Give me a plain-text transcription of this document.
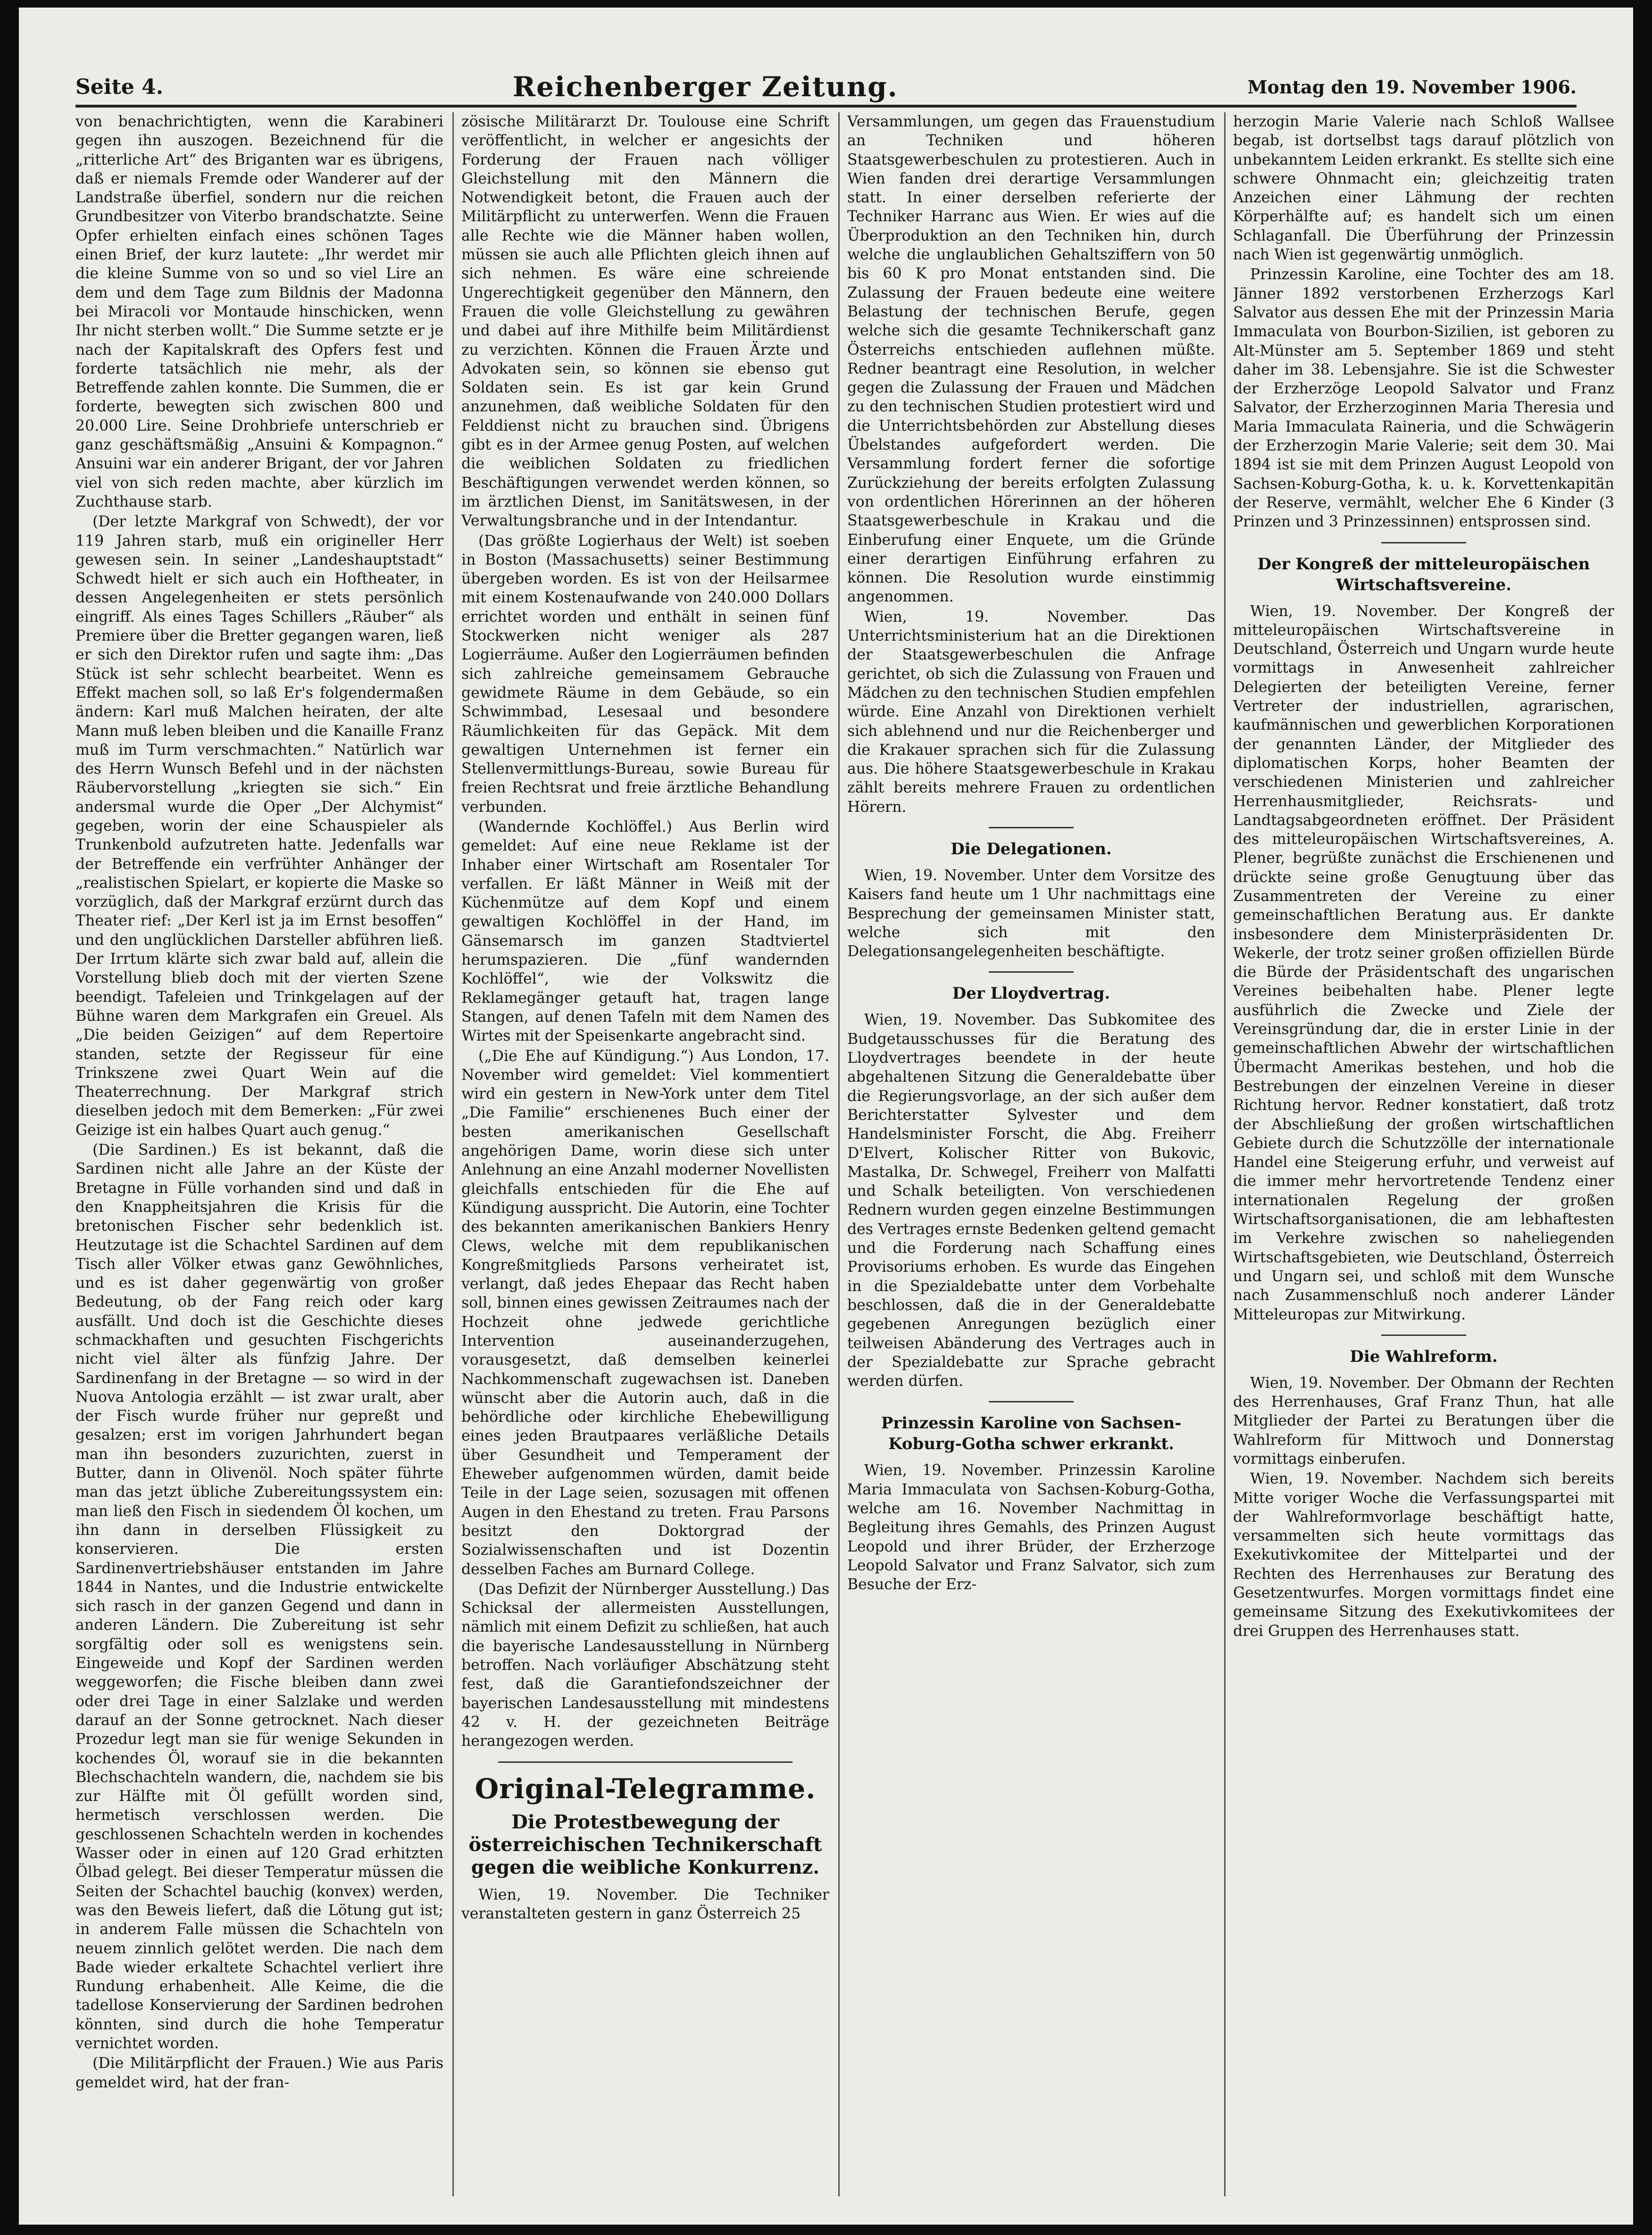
Seite 4.	Reichenberger Zeitung.	Montag den 19. November 1906.

von benachrichtigten, wenn die Karabineri gegen ihn auszogen. Bezeichnend für die „ritterliche Art“ des Briganten war es übrigens, daß er niemals Fremde oder Wanderer auf der Landstraße überfiel, sondern nur die reichen Grundbesitzer von Viterbo brandschatzte. Seine Opfer erhielten einfach eines schönen Tages einen Brief, der kurz lautete: „Ihr werdet mir die kleine Summe von so und so viel Lire an dem und dem Tage zum Bildnis der Madonna bei Miracoli vor Montaude hinschicken, wenn Ihr nicht sterben wollt.“ Die Summe setzte er je nach der Kapitalskraft des Opfers fest und forderte tatsächlich nie mehr, als der Betreffende zahlen konnte. Die Summen, die er forderte, bewegten sich zwischen 800 und 20.000 Lire. Seine Drohbriefe unterschrieb er ganz geschäftsmäßig „Ansuini & Kompagnon.“ Ansuini war ein anderer Brigant, der vor Jahren viel von sich reden machte, aber kürzlich im Zuchthause starb.

(Der letzte Markgraf von Schwedt), der vor 119 Jahren starb, muß ein origineller Herr gewesen sein. In seiner „Landeshauptstadt“ Schwedt hielt er sich auch ein Hoftheater, in dessen Angelegenheiten er stets persönlich eingriff. Als eines Tages Schillers „Räuber“ als Premiere über die Bretter gegangen waren, ließ er sich den Direktor rufen und sagte ihm: „Das Stück ist sehr schlecht bearbeitet. Wenn es Effekt machen soll, so laß Er's folgendermaßen ändern: Karl muß Malchen heiraten, der alte Mann muß leben bleiben und die Kanaille Franz muß im Turm verschmachten.“ Natürlich war des Herrn Wunsch Befehl und in der nächsten Räubervorstellung „kriegten sie sich.“ Ein andersmal wurde die Oper „Der Alchymist“ gegeben, worin der eine Schauspieler als Trunkenbold aufzutreten hatte. Jedenfalls war der Betreffende ein verfrühter Anhänger der „realistischen Spielart, er kopierte die Maske so vorzüglich, daß der Markgraf erzürnt durch das Theater rief: „Der Kerl ist ja im Ernst besoffen“ und den unglücklichen Darsteller abführen ließ. Der Irrtum klärte sich zwar bald auf, allein die Vorstellung blieb doch mit der vierten Szene beendigt. Tafeleien und Trinkgelagen auf der Bühne waren dem Markgrafen ein Greuel. Als „Die beiden Geizigen“ auf dem Repertoire standen, setzte der Regisseur für eine Trinkszene zwei Quart Wein auf die Theaterrechnung. Der Markgraf strich dieselben jedoch mit dem Bemerken: „Für zwei Geizige ist ein halbes Quart auch genug.“

(Die Sardinen.) Es ist bekannt, daß die Sardinen nicht alle Jahre an der Küste der Bretagne in Fülle vorhanden sind und daß in den Knappheitsjahren die Krisis für die bretonischen Fischer sehr bedenklich ist. Heutzutage ist die Schachtel Sardinen auf dem Tisch aller Völker etwas ganz Gewöhnliches, und es ist daher gegenwärtig von großer Bedeutung, ob der Fang reich oder karg ausfällt. Und doch ist die Geschichte dieses schmackhaften und gesuchten Fischgerichts nicht viel älter als fünfzig Jahre. Der Sardinenfang in der Bretagne — so wird in der Nuova Antologia erzählt — ist zwar uralt, aber der Fisch wurde früher nur gepreßt und gesalzen; erst im vorigen Jahrhundert began man ihn besonders zuzurichten, zuerst in Butter, dann in Olivenöl. Noch später führte man das jetzt übliche Zubereitungssystem ein: man ließ den Fisch in siedendem Öl kochen, um ihn dann in derselben Flüssigkeit zu konservieren. Die ersten Sardinenvertriebshäuser entstanden im Jahre 1844 in Nantes, und die Industrie entwickelte sich rasch in der ganzen Gegend und dann in anderen Ländern. Die Zubereitung ist sehr sorgfältig oder soll es wenigstens sein. Eingeweide und Kopf der Sardinen werden weggeworfen; die Fische bleiben dann zwei oder drei Tage in einer Salzlake und werden darauf an der Sonne getrocknet. Nach dieser Prozedur legt man sie für wenige Sekunden in kochendes Öl, worauf sie in die bekannten Blechschachteln wandern, die, nachdem sie bis zur Hälfte mit Öl gefüllt worden sind, hermetisch verschlossen werden. Die geschlossenen Schachteln werden in kochendes Wasser oder in einen auf 120 Grad erhitzten Ölbad gelegt. Bei dieser Temperatur müssen die Seiten der Schachtel bauchig (konvex) werden, was den Beweis liefert, daß die Lötung gut ist; in anderem Falle müssen die Schachteln von neuem zinnlich gelötet werden. Die nach dem Bade wieder erkaltete Schachtel verliert ihre Rundung erhabenheit. Alle Keime, die die tadellose Konservierung der Sardinen bedrohen könnten, sind durch die hohe Temperatur vernichtet worden.

(Die Militärpflicht der Frauen.) Wie aus Paris gemeldet wird, hat der fran-

zösische Militärarzt Dr. Toulouse eine Schrift veröffentlicht, in welcher er angesichts der Forderung der Frauen nach völliger Gleichstellung mit den Männern die Notwendigkeit betont, die Frauen auch der Militärpflicht zu unterwerfen. Wenn die Frauen alle Rechte wie die Männer haben wollen, müssen sie auch alle Pflichten gleich ihnen auf sich nehmen. Es wäre eine schreiende Ungerechtigkeit gegenüber den Männern, den Frauen die volle Gleichstellung zu gewähren und dabei auf ihre Mithilfe beim Militärdienst zu verzichten. Können die Frauen Ärzte und Advokaten sein, so können sie ebenso gut Soldaten sein. Es ist gar kein Grund anzunehmen, daß weibliche Soldaten für den Felddienst nicht zu brauchen sind. Übrigens gibt es in der Armee genug Posten, auf welchen die weiblichen Soldaten zu friedlichen Beschäftigungen verwendet werden können, so im ärztlichen Dienst, im Sanitätswesen, in der Verwaltungsbranche und in der Intendantur.

(Das größte Logierhaus der Welt) ist soeben in Boston (Massachusetts) seiner Bestimmung übergeben worden. Es ist von der Heilsarmee mit einem Kostenaufwande von 240.000 Dollars errichtet worden und enthält in seinen fünf Stockwerken nicht weniger als 287 Logierräume. Außer den Logierräumen befinden sich zahlreiche gemeinsamem Gebrauche gewidmete Räume in dem Gebäude, so ein Schwimmbad, Lesesaal und besondere Räumlichkeiten für das Gepäck. Mit dem gewaltigen Unternehmen ist ferner ein Stellenvermittlungs-Bureau, sowie Bureau für freien Rechtsrat und freie ärztliche Behandlung verbunden.

(Wandernde Kochlöffel.) Aus Berlin wird gemeldet: Auf eine neue Reklame ist der Inhaber einer Wirtschaft am Rosentaler Tor verfallen. Er läßt Männer in Weiß mit der Küchenmütze auf dem Kopf und einem gewaltigen Kochlöffel in der Hand, im Gänsemarsch im ganzen Stadtviertel herumspazieren. Die „fünf wandernden Kochlöffel“, wie der Volkswitz die Reklamegänger getauft hat, tragen lange Stangen, auf denen Tafeln mit dem Namen des Wirtes mit der Speisenkarte angebracht sind.

(„Die Ehe auf Kündigung.“) Aus London, 17. November wird gemeldet: Viel kommentiert wird ein gestern in New-York unter dem Titel „Die Familie“ erschienenes Buch einer der besten amerikanischen Gesellschaft angehörigen Dame, worin diese sich unter Anlehnung an eine Anzahl moderner Novellisten gleichfalls entschieden für die Ehe auf Kündigung ausspricht. Die Autorin, eine Tochter des bekannten amerikanischen Bankiers Henry Clews, welche mit dem republikanischen Kongreßmitglieds Parsons verheiratet ist, verlangt, daß jedes Ehepaar das Recht haben soll, binnen eines gewissen Zeitraumes nach der Hochzeit ohne jedwede gerichtliche Intervention auseinanderzugehen, vorausgesetzt, daß demselben keinerlei Nachkommenschaft zugewachsen ist. Daneben wünscht aber die Autorin auch, daß in die behördliche oder kirchliche Ehebewilligung eines jeden Brautpaares verläßliche Details über Gesundheit und Temperament der Eheweber aufgenommen würden, damit beide Teile in der Lage seien, sozusagen mit offenen Augen in den Ehestand zu treten. Frau Parsons besitzt den Doktorgrad der Sozialwissenschaften und ist Dozentin desselben Faches am Burnard College.

(Das Defizit der Nürnberger Ausstellung.) Das Schicksal der allermeisten Ausstellungen, nämlich mit einem Defizit zu schließen, hat auch die bayerische Landesausstellung in Nürnberg betroffen. Nach vorläufiger Abschätzung steht fest, daß die Garantiefondszeichner der bayerischen Landesausstellung mit mindestens 42 v. H. der gezeichneten Beiträge herangezogen werden.

Original-Telegramme.
Die Protestbewegung der österreichischen Technikerschaft gegen die weibliche Konkurrenz.

Wien, 19. November. Die Techniker veranstalteten gestern in ganz Österreich 25

Versammlungen, um gegen das Frauenstudium an Techniken und höheren Staatsgewerbeschulen zu protestieren. Auch in Wien fanden drei derartige Versammlungen statt. In einer derselben referierte der Techniker Harranc aus Wien. Er wies auf die Überproduktion an den Techniken hin, durch welche die unglaublichen Gehaltsziffern von 50 bis 60 K pro Monat entstanden sind. Die Zulassung der Frauen bedeute eine weitere Belastung der technischen Berufe, gegen welche sich die gesamte Technikerschaft ganz Österreichs entschieden auflehnen müßte. Redner beantragt eine Resolution, in welcher gegen die Zulassung der Frauen und Mädchen zu den technischen Studien protestiert wird und die Unterrichtsbehörden zur Abstellung dieses Übelstandes aufgefordert werden. Die Versammlung fordert ferner die sofortige Zurückziehung der bereits erfolgten Zulassung von ordentlichen Hörerinnen an der höheren Staatsgewerbeschule in Krakau und die Einberufung einer Enquete, um die Gründe einer derartigen Einführung erfahren zu können. Die Resolution wurde einstimmig angenommen.

Wien, 19. November. Das Unterrichtsministerium hat an die Direktionen der Staatsgewerbeschulen die Anfrage gerichtet, ob sich die Zulassung von Frauen und Mädchen zu den technischen Studien empfehlen würde. Eine Anzahl von Direktionen verhielt sich ablehnend und nur die Reichenberger und die Krakauer sprachen sich für die Zulassung aus. Die höhere Staatsgewerbeschule in Krakau zählt bereits mehrere Frauen zu ordentlichen Hörern.

Die Delegationen.

Wien, 19. November. Unter dem Vorsitze des Kaisers fand heute um 1 Uhr nachmittags eine Besprechung der gemeinsamen Minister statt, welche sich mit den Delegationsangelegenheiten beschäftigte.

Der Lloydvertrag.

Wien, 19. November. Das Subkomitee des Budgetausschusses für die Beratung des Lloydvertrages beendete in der heute abgehaltenen Sitzung die Generaldebatte über die Regierungsvorlage, an der sich außer dem Berichterstatter Sylvester und dem Handelsminister Forscht, die Abg. Freiherr D'Elvert, Kolischer Ritter von Bukovic, Mastalka, Dr. Schwegel, Freiherr von Malfatti und Schalk beteiligten. Von verschiedenen Rednern wurden gegen einzelne Bestimmungen des Vertrages ernste Bedenken geltend gemacht und die Forderung nach Schaffung eines Provisoriums erhoben. Es wurde das Eingehen in die Spezialdebatte unter dem Vorbehalte beschlossen, daß die in der Generaldebatte gegebenen Anregungen bezüglich einer teilweisen Abänderung des Vertrages auch in der Spezialdebatte zur Sprache gebracht werden dürfen.

Prinzessin Karoline von Sachsen-Koburg-Gotha schwer erkrankt.

Wien, 19. November. Prinzessin Karoline Maria Immaculata von Sachsen-Koburg-Gotha, welche am 16. November Nachmittag in Begleitung ihres Gemahls, des Prinzen August Leopold und ihrer Brüder, der Erzherzoge Leopold Salvator und Franz Salvator, sich zum Besuche der Erz-

herzogin Marie Valerie nach Schloß Wallsee begab, ist dortselbst tags darauf plötzlich von unbekanntem Leiden erkrankt. Es stellte sich eine schwere Ohnmacht ein; gleichzeitig traten Anzeichen einer Lähmung der rechten Körperhälfte auf; es handelt sich um einen Schlaganfall. Die Überführung der Prinzessin nach Wien ist gegenwärtig unmöglich.

Prinzessin Karoline, eine Tochter des am 18. Jänner 1892 verstorbenen Erzherzogs Karl Salvator aus dessen Ehe mit der Prinzessin Maria Immaculata von Bourbon-Sizilien, ist geboren zu Alt-Münster am 5. September 1869 und steht daher im 38. Lebensjahre. Sie ist die Schwester der Erzherzöge Leopold Salvator und Franz Salvator, der Erzherzoginnen Maria Theresia und Maria Immaculata Raineria, und die Schwägerin der Erzherzogin Marie Valerie; seit dem 30. Mai 1894 ist sie mit dem Prinzen August Leopold von Sachsen-Koburg-Gotha, k. u. k. Korvettenkapitän der Reserve, vermählt, welcher Ehe 6 Kinder (3 Prinzen und 3 Prinzessinnen) entsprossen sind.

Der Kongreß der mitteleuropäischen Wirtschaftsvereine.

Wien, 19. November. Der Kongreß der mitteleuropäischen Wirtschaftsvereine in Deutschland, Österreich und Ungarn wurde heute vormittags in Anwesenheit zahlreicher Delegierten der beteiligten Vereine, ferner Vertreter der industriellen, agrarischen, kaufmännischen und gewerblichen Korporationen der genannten Länder, der Mitglieder des diplomatischen Korps, hoher Beamten der verschiedenen Ministerien und zahlreicher Herrenhausmitglieder, Reichsrats- und Landtagsabgeordneten eröffnet. Der Präsident des mitteleuropäischen Wirtschaftsvereines, A. Plener, begrüßte zunächst die Erschienenen und drückte seine große Genugtuung über das Zusammentreten der Vereine zu einer gemeinschaftlichen Beratung aus. Er dankte insbesondere dem Ministerpräsidenten Dr. Wekerle, der trotz seiner großen offiziellen Bürde die Bürde der Präsidentschaft des ungarischen Vereines beibehalten habe. Plener legte ausführlich die Zwecke und Ziele der Vereinsgründung dar, die in erster Linie in der gemeinschaftlichen Abwehr der wirtschaftlichen Übermacht Amerikas bestehen, und hob die Bestrebungen der einzelnen Vereine in dieser Richtung hervor. Redner konstatiert, daß trotz der Abschließung der großen wirtschaftlichen Gebiete durch die Schutzzölle der internationale Handel eine Steigerung erfuhr, und verweist auf die immer mehr hervortretende Tendenz einer internationalen Regelung der großen Wirtschaftsorganisationen, die am lebhaftesten im Verkehre zwischen so naheliegenden Wirtschaftsgebieten, wie Deutschland, Österreich und Ungarn sei, und schloß mit dem Wunsche nach Zusammenschluß noch anderer Länder Mitteleuropas zur Mitwirkung.

Die Wahlreform.

Wien, 19. November. Der Obmann der Rechten des Herrenhauses, Graf Franz Thun, hat alle Mitglieder der Partei zu Beratungen über die Wahlreform für Mittwoch und Donnerstag vormittags einberufen.

Wien, 19. November. Nachdem sich bereits Mitte voriger Woche die Verfassungspartei mit der Wahlreformvorlage beschäftigt hatte, versammelten sich heute vormittags das Exekutivkomitee der Mittelpartei und der Rechten des Herrenhauses zur Beratung des Gesetzentwurfes. Morgen vormittags findet eine gemeinsame Sitzung des Exekutivkomitees der drei Gruppen des Herrenhauses statt.
